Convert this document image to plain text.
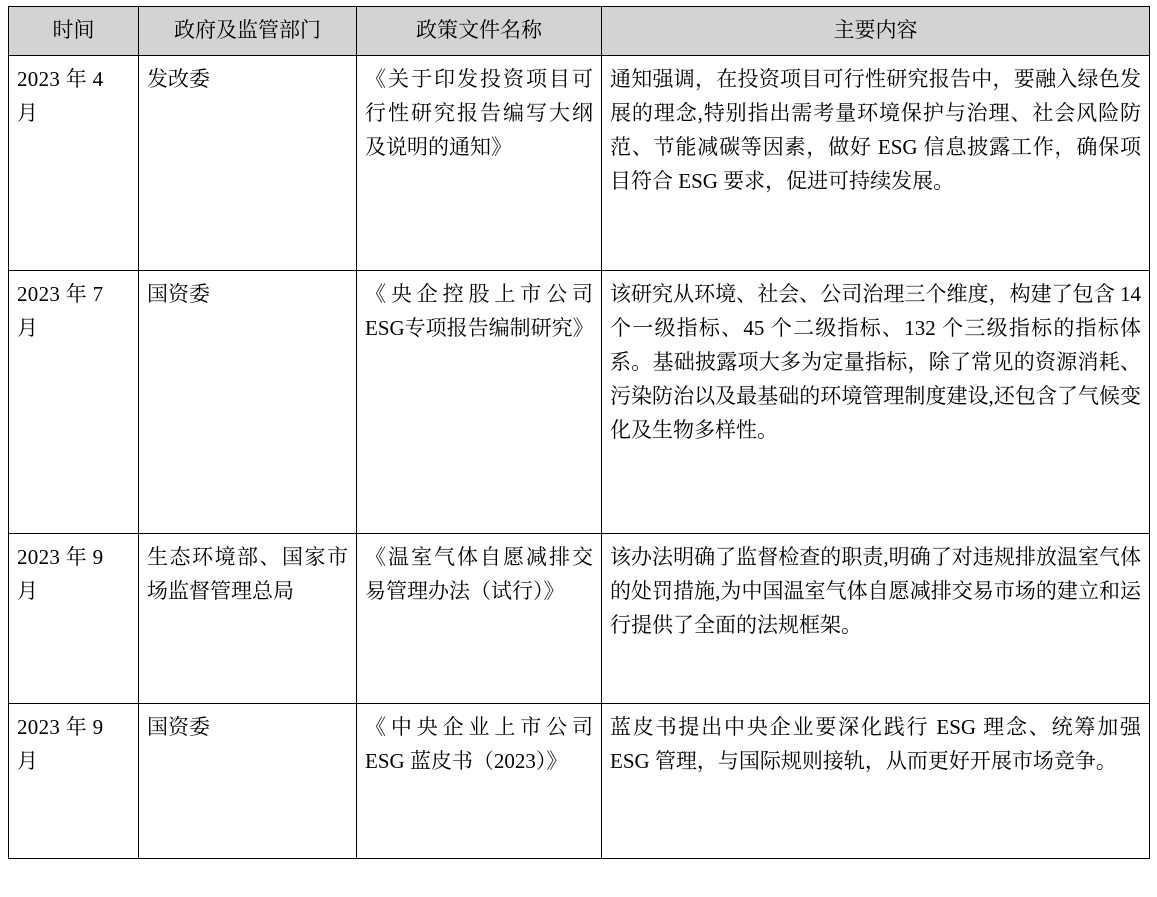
时间	政府及监管部门	政策文件名称	主要内容
2023 年 4 月	发改委	《关于印发投资项目可行性研究报告编写大纲及说明的通知》	通知强调，在投资项目可行性研究报告中，要融入绿色发展的理念,特别指出需考量环境保护与治理、社会风险防范、节能减碳等因素，做好 ESG 信息披露工作，确保项目符合 ESG 要求，促进可持续发展。
2023 年 7 月	国资委	《央企控股上市公司ESG专项报告编制研究》	该研究从环境、社会、公司治理三个维度，构建了包含 14 个一级指标、45 个二级指标、132 个三级指标的指标体系。基础披露项大多为定量指标，除了常见的资源消耗、污染防治以及最基础的环境管理制度建设,还包含了气候变化及生物多样性。
2023 年 9 月	生态环境部、国家市场监督管理总局	《温室气体自愿减排交易管理办法（试行）》	该办法明确了监督检查的职责,明确了对违规排放温室气体的处罚措施,为中国温室气体自愿减排交易市场的建立和运行提供了全面的法规框架。
2023 年 9 月	国资委	《中央企业上市公司 ESG 蓝皮书（2023）》	蓝皮书提出中央企业要深化践行 ESG 理念、统筹加强 ESG 管理，与国际规则接轨，从而更好开展市场竞争。
